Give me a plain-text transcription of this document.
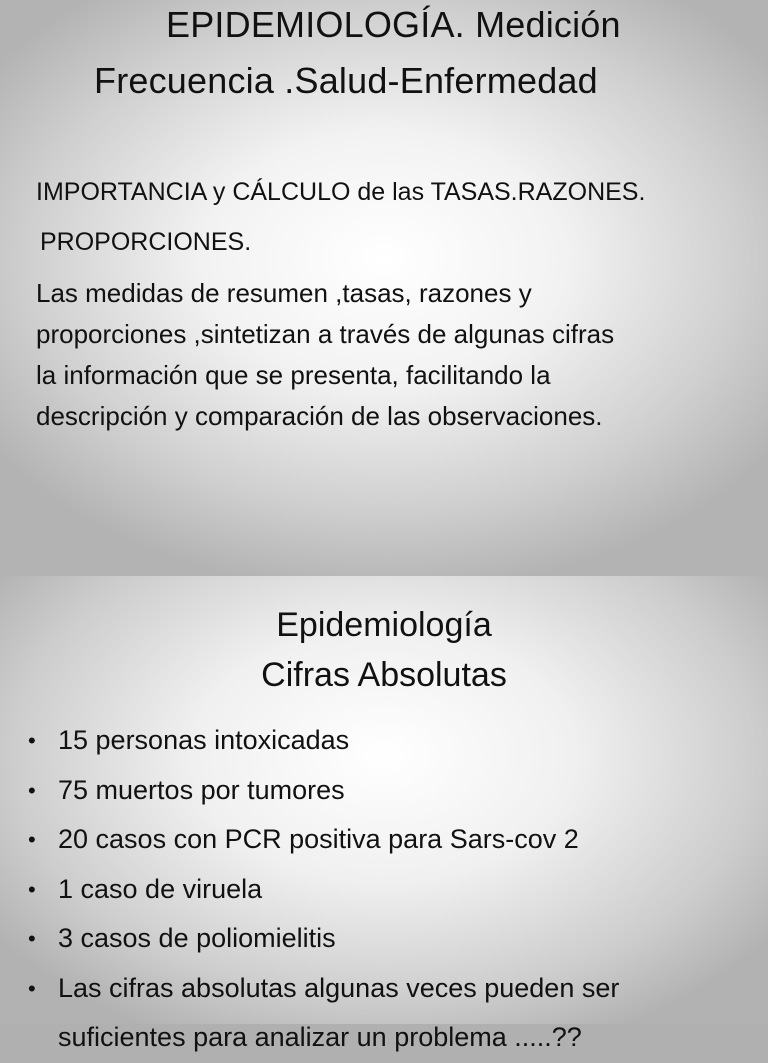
EPIDEMIOLOGÍA. Medición
Frecuencia .Salud-Enfermedad
IMPORTANCIA y CÁLCULO de las TASAS.RAZONES.
PROPORCIONES.
Las medidas de resumen ,tasas, razones y
proporciones ,sintetizan a través de algunas cifras
la información que se presenta, facilitando la
descripción y comparación de las observaciones.
Epidemiología
Cifras Absolutas
• 15 personas intoxicadas
• 75 muertos por tumores
• 20 casos con PCR positiva para Sars-cov 2
• 1 caso de viruela
• 3 casos de poliomielitis
• Las cifras absolutas algunas veces pueden ser
suficientes para analizar un problema .....??
